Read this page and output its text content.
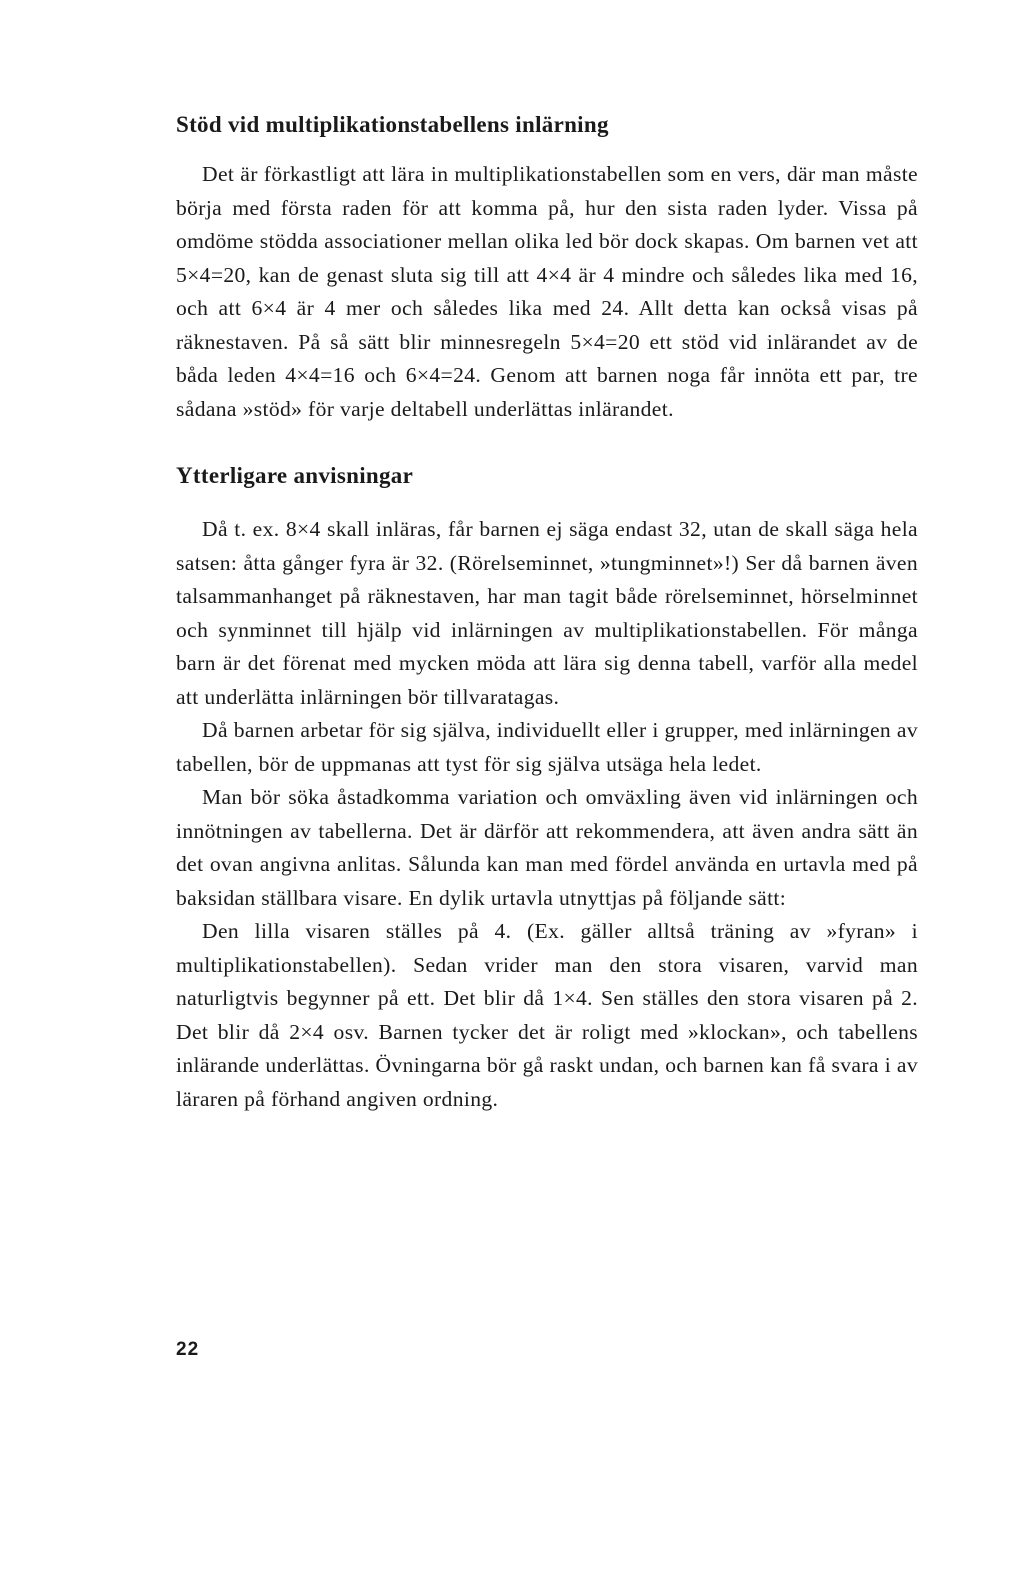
Stöd vid multiplikationstabellens inlärning

Det är förkastligt att lära in multiplikationstabellen som en vers, där man måste börja med första raden för att komma på, hur den sista raden lyder. Vissa på omdöme stödda associationer mellan olika led bör dock skapas. Om barnen vet att 5×4=20, kan de genast sluta sig till att 4×4 är 4 mindre och således lika med 16, och att 6×4 är 4 mer och således lika med 24. Allt detta kan också visas på räknestaven. På så sätt blir minnesregeln 5×4=20 ett stöd vid inlärandet av de båda leden 4×4=16 och 6×4=24. Genom att barnen noga får innöta ett par, tre sådana »stöd» för varje deltabell underlättas inlärandet.

Ytterligare anvisningar

Då t. ex. 8×4 skall inläras, får barnen ej säga endast 32, utan de skall säga hela satsen: åtta gånger fyra är 32. (Rörelseminnet, »tungminnet»!) Ser då barnen även talsammanhanget på räknestaven, har man tagit både rörelseminnet, hörselminnet och synminnet till hjälp vid inlärningen av multiplikationstabellen. För många barn är det förenat med mycken möda att lära sig denna tabell, varför alla medel att underlätta inlärningen bör tillvaratagas.

Då barnen arbetar för sig själva, individuellt eller i grupper, med inlärningen av tabellen, bör de uppmanas att tyst för sig själva utsäga hela ledet.

Man bör söka åstadkomma variation och omväxling även vid inlärningen och innötningen av tabellerna. Det är därför att rekommendera, att även andra sätt än det ovan angivna anlitas. Sålunda kan man med fördel använda en urtavla med på baksidan ställbara visare. En dylik urtavla utnyttjas på följande sätt:

Den lilla visaren ställes på 4. (Ex. gäller alltså träning av »fyran» i multiplikationstabellen). Sedan vrider man den stora visaren, varvid man naturligtvis begynner på ett. Det blir då 1×4. Sen ställes den stora visaren på 2. Det blir då 2×4 osv. Barnen tycker det är roligt med »klockan», och tabellens inlärande underlättas. Övningarna bör gå raskt undan, och barnen kan få svara i av läraren på förhand angiven ordning.

22
